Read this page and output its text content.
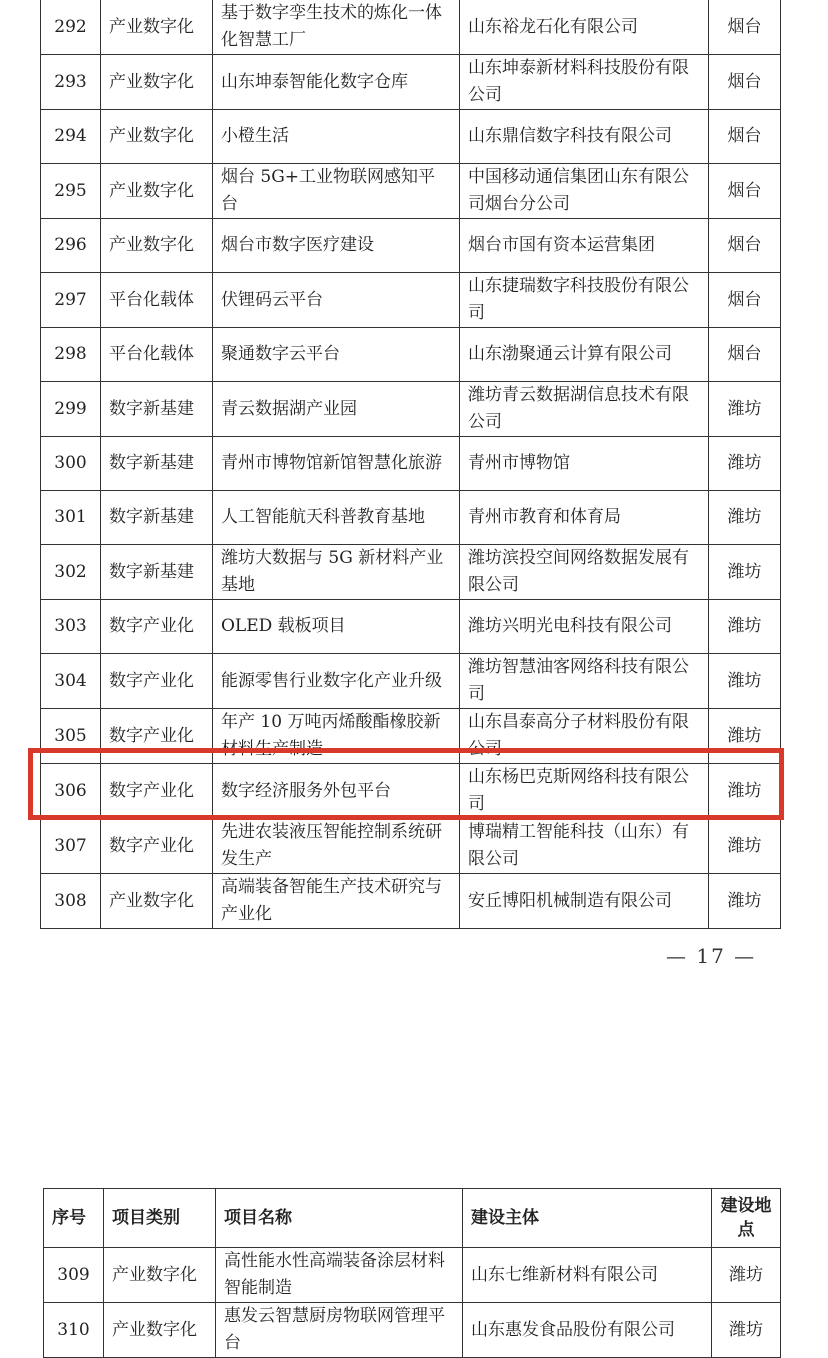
292	产业数字化	基于数字孪生技术的炼化一体化智慧工厂	山东裕龙石化有限公司	烟台
293	产业数字化	山东坤泰智能化数字仓库	山东坤泰新材料科技股份有限公司	烟台
294	产业数字化	小橙生活	山东鼎信数字科技有限公司	烟台
295	产业数字化	烟台 5G+工业物联网感知平台	中国移动通信集团山东有限公司烟台分公司	烟台
296	产业数字化	烟台市数字医疗建设	烟台市国有资本运营集团	烟台
297	平台化载体	伏锂码云平台	山东捷瑞数字科技股份有限公司	烟台
298	平台化载体	聚通数字云平台	山东渤聚通云计算有限公司	烟台
299	数字新基建	青云数据湖产业园	潍坊青云数据湖信息技术有限公司	潍坊
300	数字新基建	青州市博物馆新馆智慧化旅游	青州市博物馆	潍坊
301	数字新基建	人工智能航天科普教育基地	青州市教育和体育局	潍坊
302	数字新基建	潍坊大数据与 5G 新材料产业基地	潍坊滨投空间网络数据发展有限公司	潍坊
303	数字产业化	OLED 载板项目	潍坊兴明光电科技有限公司	潍坊
304	数字产业化	能源零售行业数字化产业升级	潍坊智慧油客网络科技有限公司	潍坊
305	数字产业化	年产 10 万吨丙烯酸酯橡胶新材料生产制造	山东昌泰高分子材料股份有限公司	潍坊
306	数字产业化	数字经济服务外包平台	山东杨巴克斯网络科技有限公司	潍坊
307	数字产业化	先进农装液压智能控制系统研发生产	博瑞精工智能科技（山东）有限公司	潍坊
308	产业数字化	高端装备智能生产技术研究与产业化	安丘博阳机械制造有限公司	潍坊
— 17 —
序号	项目类别	项目名称	建设主体	建设地点
309	产业数字化	高性能水性高端装备涂层材料智能制造	山东七维新材料有限公司	潍坊
310	产业数字化	惠发云智慧厨房物联网管理平台	山东惠发食品股份有限公司	潍坊
